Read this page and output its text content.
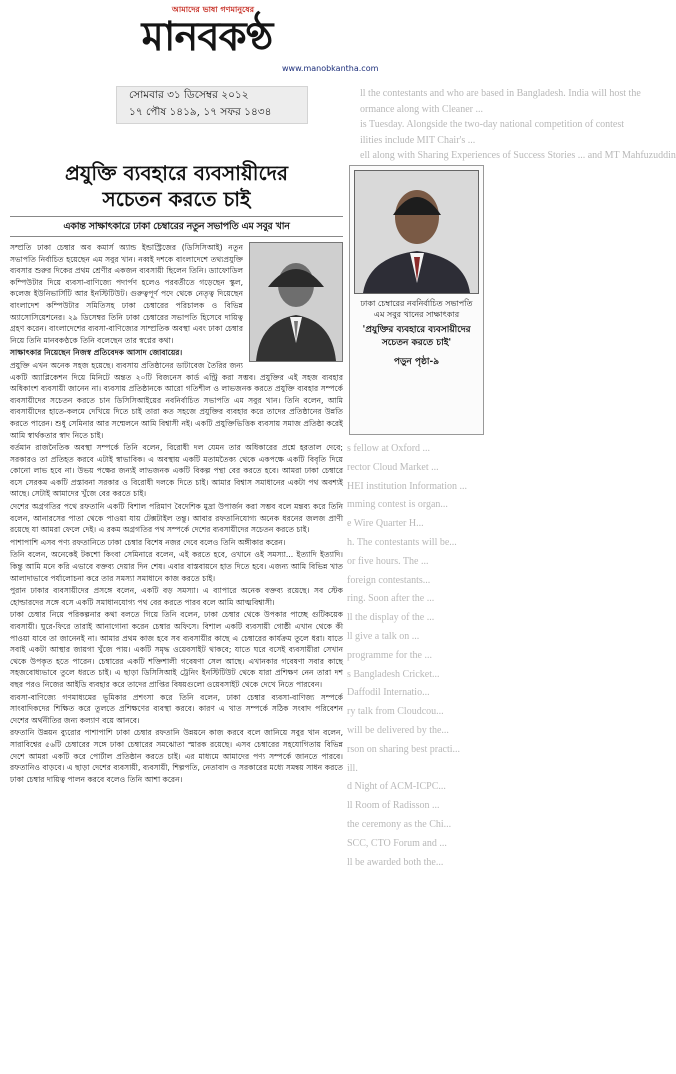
ll the contestants and who are based in Bangladesh. India will host the
ormance along with Cleaner ...
is Tuesday. Alongside the two-day national competition of contest
ilities include MIT Chair's ...
ell along with Sharing Experiences of Success Stories ... and MT Mahfuzuddin
s fellow at Oxford ...
rector Cloud Market ...
HEI institution Information ...
mming contest is organ...
e Wire Quarter H...
h. The contestants will be...
or five hours. The ...
foreign contestants...
ring. Soon after the ...
ll the display of the ...
ll give a talk on ...
programme for the ...
s Bangladesh Cricket...
Daffodil Internatio...
ry talk from Cloudcou...
will be delivered by the...
rson on sharing best practi...
ill.
d Night of ACM-ICPC...
ll Room of Radisson ...
the ceremony as the Chi...
SCC, CTO Forum and ...
ll be awarded both the...
আমাদের ভাষা গণমানুষের
মানবকণ্ঠ
www.manobkantha.com
সোমবার ৩১ ডিসেম্বর ২০১২
১৭ পৌষ ১৪১৯, ১৭ সফর ১৪৩৪
প্রযুক্তি ব্যবহারে ব্যবসায়ীদের
সচেতন করতে চাই
একান্ত সাক্ষাৎকারে ঢাকা চেম্বারের নতুন সভাপতি এম সবুর খান

সম্প্রতি ঢাকা চেম্বার অব কমার্স অ্যান্ড ইন্ডাস্ট্রিজের (ডিসিসিআই) নতুন সভাপতি নির্বাচিত হয়েছেন এম সবুর খান। নব্বই দশকে বাংলাদেশে তথ্যপ্রযুক্তি ব্যবসার শুরুর দিকের প্রথম শ্রেণীর একজন ব্যবসায়ী ছিলেন তিনি। ড্যাফোডিল কম্পিউটার দিয়ে ব্যবসা-বাণিজ্যে পদার্পণ হলেও পরবর্তীতে গড়েছেন স্কুল, কলেজ ইউনিভার্সিটি আর ইনস্টিটিউট। গুরুত্বপূর্ণ পদে থেকে নেতৃত্ব দিয়েছেন বাংলাদেশ কম্পিউটার সমিতিসহ ঢাকা চেম্বারের পরিচালক ও বিভিন্ন অ্যাসোসিয়েশনের। ২৯ ডিসেম্বর তিনি ঢাকা চেম্বারের সভাপতি হিসেবে দায়িত্ব গ্রহণ করেন। বাংলাদেশের ব্যবসা-বাণিজ্যের সাম্প্রতিক অবস্থা এবং ঢাকা চেম্বার নিয়ে তিনি মানবকণ্ঠকে তিনি বলেছেন তার স্বপ্নের কথা।

সাক্ষাৎকার নিয়েছেন নিজস্ব প্রতিবেদক আসাদ জোবায়ের।

প্রযুক্তি এখন অনেক সহজ হয়েছে। ব্যবসায় প্রতিষ্ঠানের ডাটাবেজ তৈরির জন্য একটি অ্যাপ্লিকেশন দিয়ে মিনিটে অন্তত ২০টি বিজনেস কার্ড এন্ট্রি করা সম্ভব। প্রযুক্তির এই সহজ ব্যবহার অধিকাংশ ব্যবসায়ী জানেন না। ব্যবসায় প্রতিষ্ঠানকে আরো গতিশীল ও লাভজনক করতে প্রযুক্তি ব্যবহার সম্পর্কে ব্যবসায়ীদের সচেতন করতে চান ডিসিসিআইয়ের নবনির্বাচিত সভাপতি এম সবুর খান। তিনি বলেন, আমি ব্যবসায়ীদের হাতে-কলমে দেখিয়ে দিতে চাই তারা কত সহজে প্রযুক্তির ব্যবহার করে তাদের প্রতিষ্ঠানের উন্নতি করতে পারেন। শুধু সেমিনার আর সম্মেলনে আমি বিশ্বাসী নই। একটি প্রযুক্তিভিত্তিক ব্যবসায় সমাজ প্রতিষ্ঠা করেই আমি স্বার্থকতার স্বাদ নিতে চাই।

বর্তমান রাজনৈতিক অবস্থা সম্পর্কে তিনি বলেন, বিরোধী দল যেমন তার অধিকারের প্রশ্নে হরতাল দেবে; সরকারও তা প্রতিহত করবে এটাই স্বাভাবিক। এ অবস্থায় একটি মতামতৈক্য থেকে একপক্ষে একটি বিবৃতি দিয়ে কোনো লাভ হবে না। উভয় পক্ষের জন্যই লাভজনক একটি বিকল্প পন্থা বের করতে হবে। আমরা ঢাকা চেম্বারে বসে সেরকম একটি প্রস্তাবনা সরকার ও বিরোধী দলকে দিতে চাই। আমার বিশ্বাস সমাধানের একটা পথ অবশ্যই আছে। সেটাই আমাদের খুঁজে বের করতে চাই।

দেশের অগ্রগতির পথে রফতানি একটি বিশাল পরিমাণ বৈদেশিক মুদ্রা উপার্জন করা সম্ভব বলে মন্তব্য করে তিনি বলেন, আনারসের পাতা থেকে পাওয়া যায় টেক্সটাইল তন্তু। আবার রফতানিযোগ্য অনেক ধরনের জলজ প্রাণী রয়েছে যা আমরা ফেলে দেই। এ রকম অগ্রগতির পথ সম্পর্কে দেশের ব্যবসায়ীদের সচেতন করতে চাই।

পাশাপাশি এসব পণ্য রফতানিতে ঢাকা চেম্বার বিশেষ নজর দেবে বলেও তিনি অঙ্গীকার করেন।

তিনি বলেন, অনেকেই টকশো কিংবা সেমিনারে বলেন, এই করতে হবে, ওখানে ওই সমস্যা... ইত্যাদি ইত্যাদি। কিন্তু আমি মনে করি এভাবে বক্তব্য দেয়ার দিন শেষ। এবার বাস্তবায়নে হাত দিতে হবে। এজন্য আমি বিভিন্ন খাত আলাদাভাবে পর্যালোচনা করে তার সমস্যা সমাধানে কাজ করতে চাই।

পুরান ঢাকার ব্যবসায়ীদের প্রসঙ্গে বলেন, একটি বড় সমস্যা। এ ব্যাপারে অনেক বক্তব্য রয়েছে। সব স্টেক হোল্ডারদের সঙ্গে বসে একটি সমাধানযোগ্য পথ বের করতে পারব বলে আমি আত্মবিশ্বাসী।

ঢাকা চেম্বার নিয়ে পরিকল্পনার কথা বলতে গিয়ে তিনি বলেন, ঢাকা চেম্বার থেকে উপকার পাচ্ছে গুটিকয়েক ব্যবসায়ী। ঘুরে-ফিরে তারাই আনাগোনা করেন চেম্বার অফিসে। বিশাল একটি ব্যবসায়ী গোষ্ঠী এখান থেকে কী পাওয়া যাবে তা জানেনই না। আমার প্রথম কাজ হবে সব ব্যবসায়ীর কাছে এ চেম্বারের কার্যক্রম তুলে ধরা। যাতে সবাই একটা আস্থার জায়গা খুঁজে পায়। একটি সমৃদ্ধ ওয়েবসাইট থাকবে; যাতে ঘরে বসেই ব্যবসায়ীরা সেখান থেকে উপকৃত হতে পারেন। চেম্বারের একটি শক্তিশালী গবেষণা সেল আছে। এখানকার গবেষণা সবার কাছে সহজবোধ্যভাবে তুলে ধরতে চাই। এ ছাড়া ডিসিসিআই ট্রেনিং ইনস্টিটিউট থেকে যারা প্রশিক্ষণ নেন তারা দশ বছর পরও নিজের আইডি ব্যবহার করে তাদের প্রাপ্তির বিষয়গুলো ওয়েবসাইট থেকে দেখে নিতে পারবেন।

ব্যবসা-বাণিজ্যে গণমাধ্যমের ভূমিকার প্রশংসা করে তিনি বলেন, ঢাকা চেম্বার ব্যবসা-বাণিজ্য সম্পর্কে সাংবাদিকদের শিক্ষিত করে তুলতে প্রশিক্ষণের ব্যবস্থা করবে। কারণ এ খাত সম্পর্কে সঠিক সংবাদ পরিবেশন দেশের অর্থনীতির জন্য কল্যাণ বয়ে আনবে।

রফতানি উন্নয়ন ব্যুরোর পাশাপাশি ঢাকা চেম্বার রফতানি উন্নয়নে কাজ করবে বলে জানিয়ে সবুর খান বলেন, সারাবিশ্বের ৫৬টি চেম্বারের সঙ্গে ঢাকা চেম্বারের সমঝোতা স্মারক রয়েছে। এসব চেম্বারের সহযোগিতায় বিভিন্ন দেশে আমরা একটি করে পোর্টাল প্রতিষ্ঠান করতে চাই। এর মাধ্যমে আমাদের পণ্য সম্পর্কে জানতে পারবে। রফতানিও বাড়বে। এ ছাড়া দেশের ব্যবসায়ী, ব্যবসায়ী, শিল্পপতি, নেতাবাদ ও সরকারের মধ্যে সমন্বয় সাধন করতে ঢাকা চেম্বার দায়িত্ব পালন করবে বলেও তিনি আশা করেন।

ঢাকা চেম্বারের নবনির্বাচিত সভাপতি এম সবুর খানের সাক্ষাৎকার
'প্রযুক্তির ব্যবহারে ব্যবসায়ীদের সচেতন করতে চাই'
পড়ুন পৃষ্ঠা-৯
